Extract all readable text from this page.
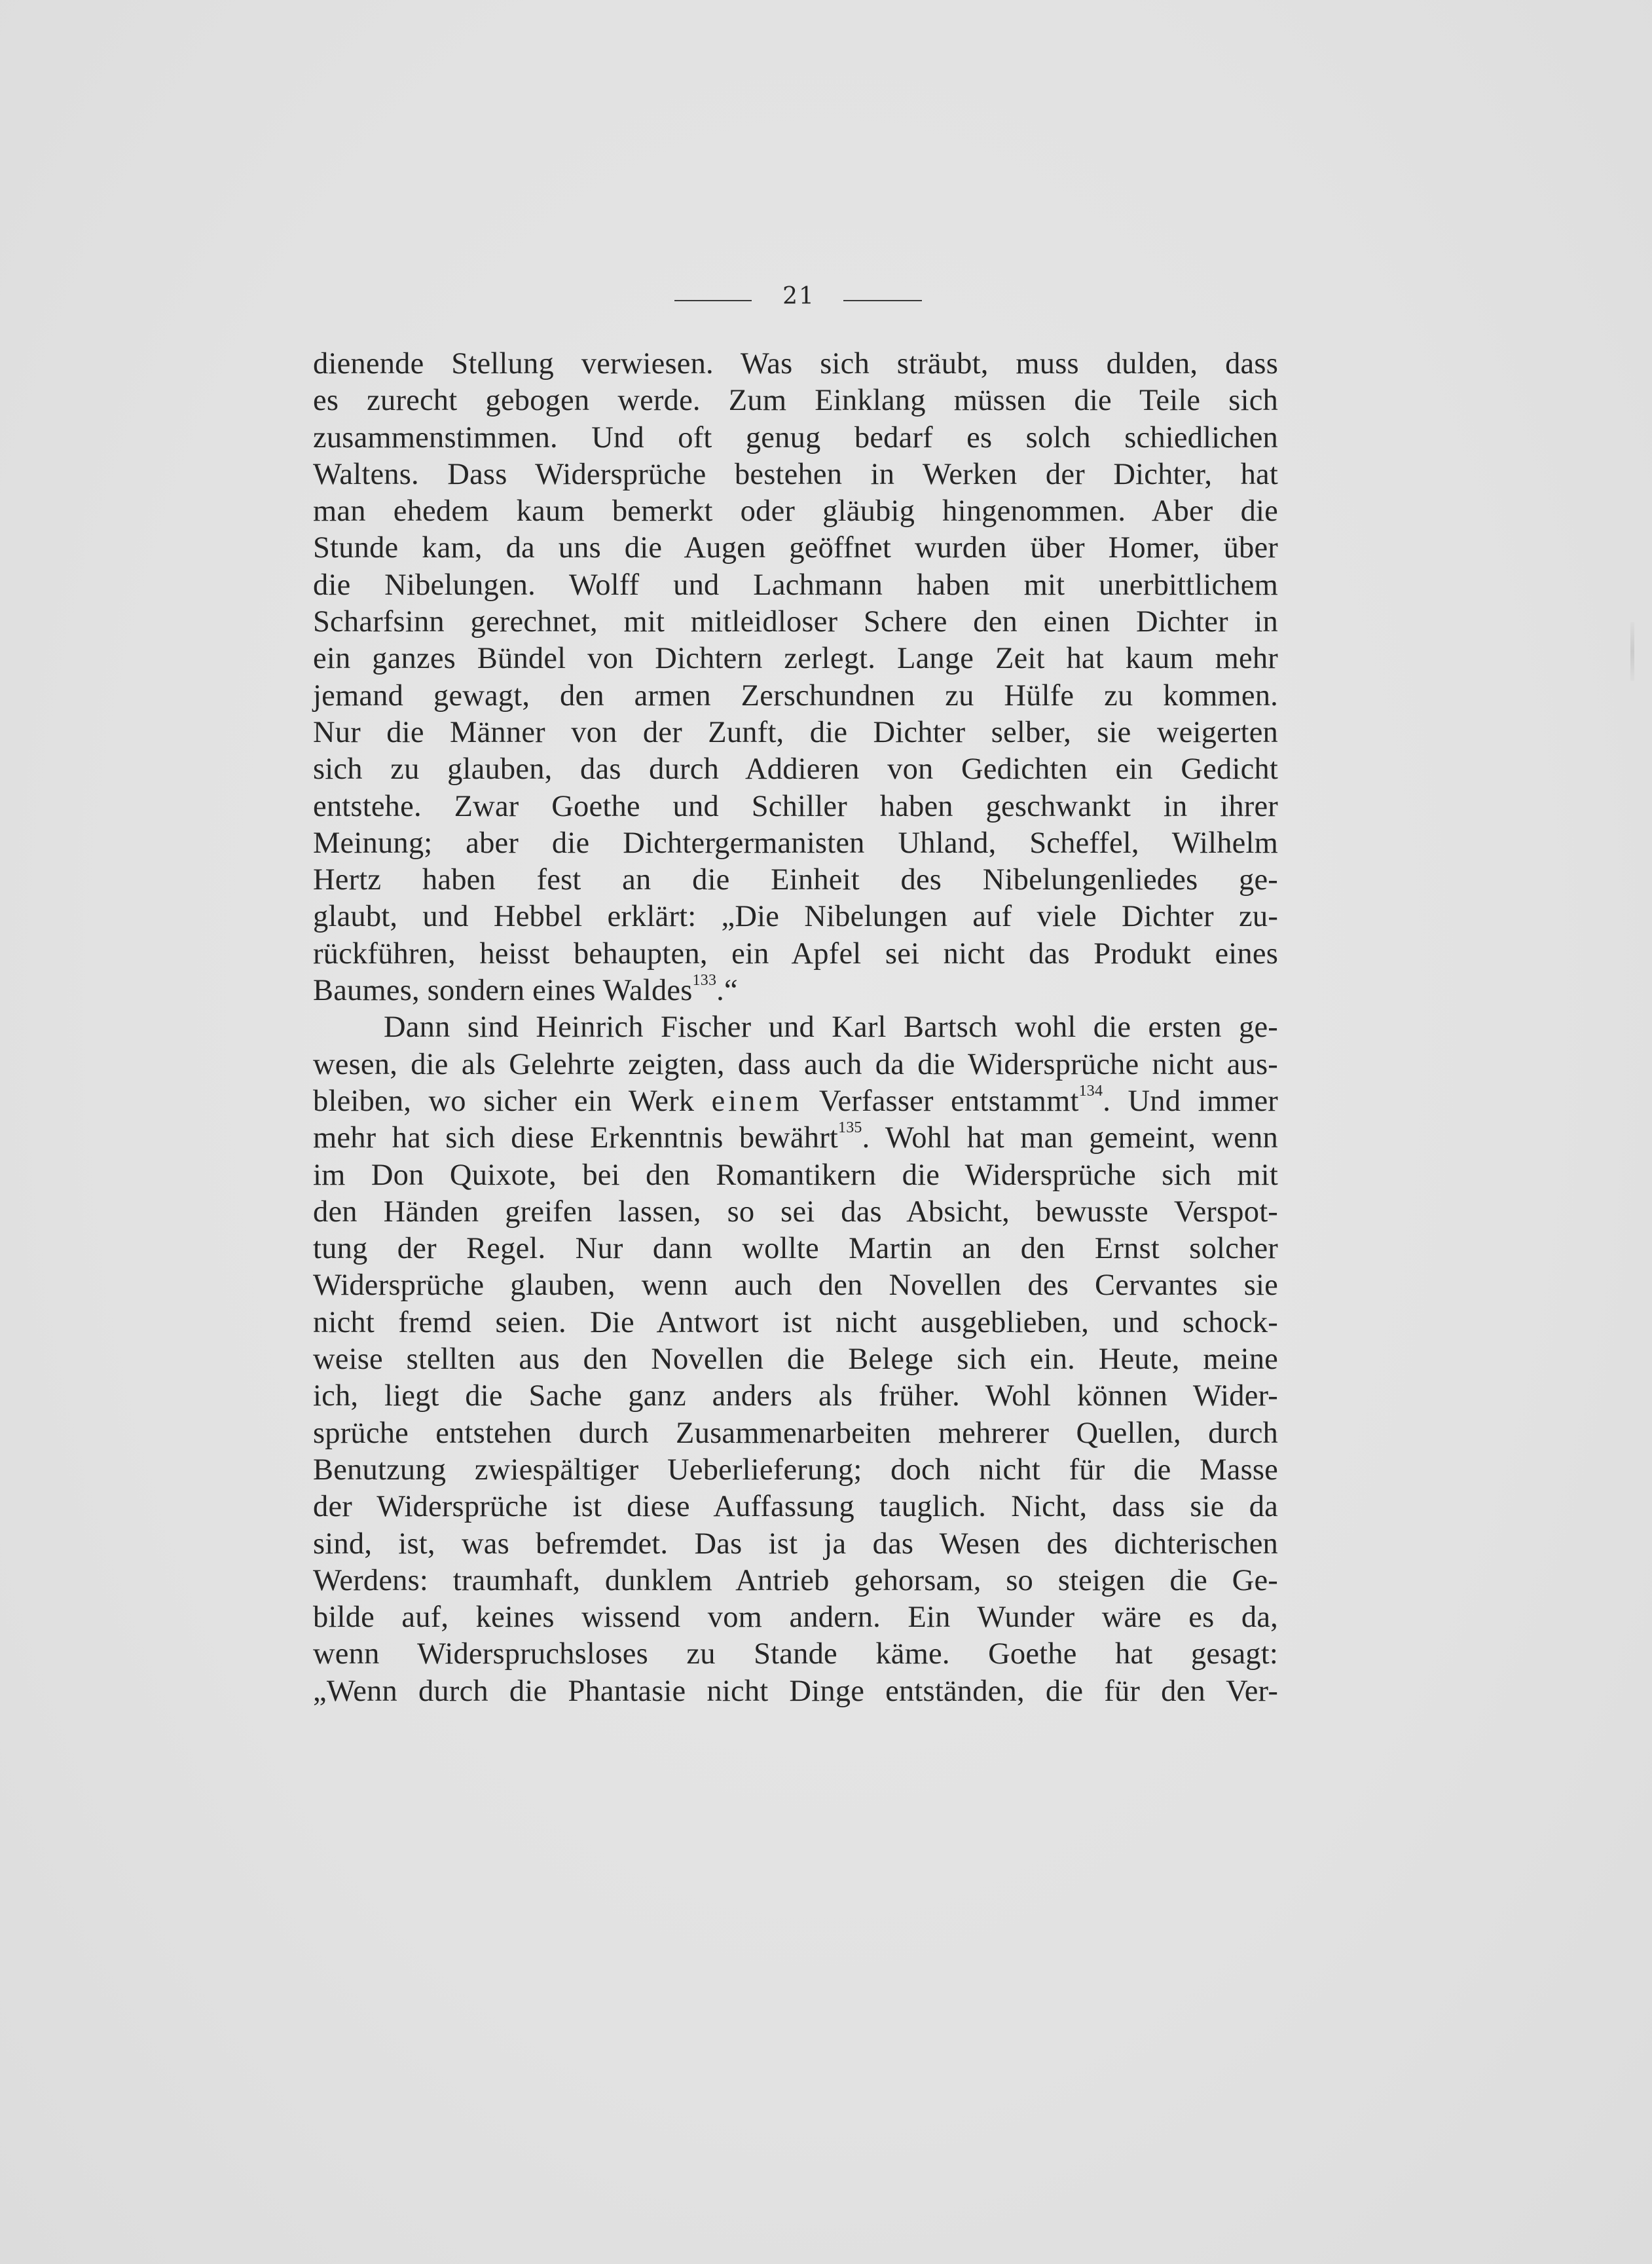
21
dienende Stellung verwiesen. Was sich sträubt, muss dulden, dass
es zurecht gebogen werde. Zum Einklang müssen die Teile sich
zusammenstimmen. Und oft genug bedarf es solch schiedlichen
Waltens. Dass Widersprüche bestehen in Werken der Dichter, hat
man ehedem kaum bemerkt oder gläubig hingenommen. Aber die
Stunde kam, da uns die Augen geöffnet wurden über Homer, über
die Nibelungen. Wolff und Lachmann haben mit unerbittlichem
Scharfsinn gerechnet, mit mitleidloser Schere den einen Dichter in
ein ganzes Bündel von Dichtern zerlegt. Lange Zeit hat kaum mehr
jemand gewagt, den armen Zerschundnen zu Hülfe zu kommen.
Nur die Männer von der Zunft, die Dichter selber, sie weigerten
sich zu glauben, das durch Addieren von Gedichten ein Gedicht
entstehe. Zwar Goethe und Schiller haben geschwankt in ihrer
Meinung; aber die Dichtergermanisten Uhland, Scheffel, Wilhelm
Hertz haben fest an die Einheit des Nibelungenliedes ge-
glaubt, und Hebbel erklärt: „Die Nibelungen auf viele Dichter zu-
rückführen, heisst behaupten, ein Apfel sei nicht das Produkt eines
Baumes, sondern eines Waldes$^{133}$.“
Dann sind Heinrich Fischer und Karl Bartsch wohl die ersten ge-
wesen, die als Gelehrte zeigten, dass auch da die Widersprüche nicht aus-
bleiben, wo sicher ein Werk einem Verfasser entstammt$^{134}$. Und immer
mehr hat sich diese Erkenntnis bewährt$^{135}$. Wohl hat man gemeint, wenn
im Don Quixote, bei den Romantikern die Widersprüche sich mit
den Händen greifen lassen, so sei das Absicht, bewusste Verspot-
tung der Regel. Nur dann wollte Martin an den Ernst solcher
Widersprüche glauben, wenn auch den Novellen des Cervantes sie
nicht fremd seien. Die Antwort ist nicht ausgeblieben, und schock-
weise stellten aus den Novellen die Belege sich ein. Heute, meine
ich, liegt die Sache ganz anders als früher. Wohl können Wider-
sprüche entstehen durch Zusammenarbeiten mehrerer Quellen, durch
Benutzung zwiespältiger Ueberlieferung; doch nicht für die Masse
der Widersprüche ist diese Auffassung tauglich. Nicht, dass sie da
sind, ist, was befremdet. Das ist ja das Wesen des dichterischen
Werdens: traumhaft, dunklem Antrieb gehorsam, so steigen die Ge-
bilde auf, keines wissend vom andern. Ein Wunder wäre es da,
wenn Widerspruchsloses zu Stande käme. Goethe hat gesagt:
„Wenn durch die Phantasie nicht Dinge entständen, die für den Ver-
